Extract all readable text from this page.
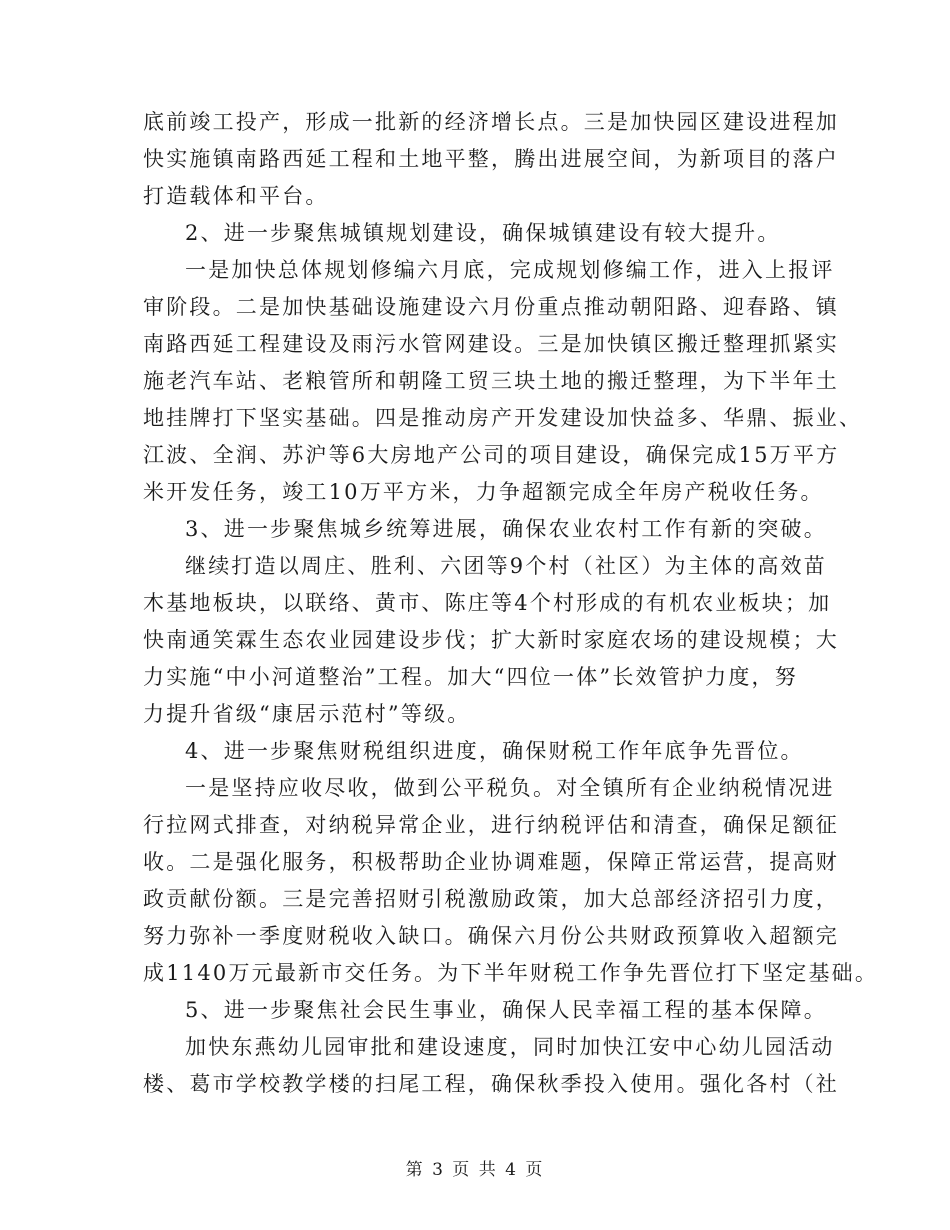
底前竣工投产，形成一批新的经济增长点。三是加快园区建设进程加
快实施镇南路西延工程和土地平整，腾出进展空间，为新项目的落户
打造载体和平台。
2、进一步聚焦城镇规划建设，确保城镇建设有较大提升。
一是加快总体规划修编六月底，完成规划修编工作，进入上报评
审阶段。二是加快基础设施建设六月份重点推动朝阳路、迎春路、镇
南路西延工程建设及雨污水管网建设。三是加快镇区搬迁整理抓紧实
施老汽车站、老粮管所和朝隆工贸三块土地的搬迁整理，为下半年土
地挂牌打下坚实基础。四是推动房产开发建设加快益多、华鼎、振业、
江波、全润、苏沪等6大房地产公司的项目建设，确保完成15万平方
米开发任务，竣工10万平方米，力争超额完成全年房产税收任务。
3、进一步聚焦城乡统筹进展，确保农业农村工作有新的突破。
继续打造以周庄、胜利、六团等9个村（社区）为主体的高效苗
木基地板块，以联络、黄市、陈庄等4个村形成的有机农业板块；加
快南通笑霖生态农业园建设步伐；扩大新时家庭农场的建设规模；大
力实施“中小河道整治”工程。加大“四位一体”长效管护力度，努
力提升省级“康居示范村”等级。
4、进一步聚焦财税组织进度，确保财税工作年底争先晋位。
一是坚持应收尽收，做到公平税负。对全镇所有企业纳税情况进
行拉网式排查，对纳税异常企业，进行纳税评估和清查，确保足额征
收。二是强化服务，积极帮助企业协调难题，保障正常运营，提高财
政贡献份额。三是完善招财引税激励政策，加大总部经济招引力度，
努力弥补一季度财税收入缺口。确保六月份公共财政预算收入超额完
成1140万元最新市交任务。为下半年财税工作争先晋位打下坚定基础。
5、进一步聚焦社会民生事业，确保人民幸福工程的基本保障。
加快东燕幼儿园审批和建设速度，同时加快江安中心幼儿园活动
楼、葛市学校教学楼的扫尾工程，确保秋季投入使用。强化各村（社
第 3 页 共 4 页
